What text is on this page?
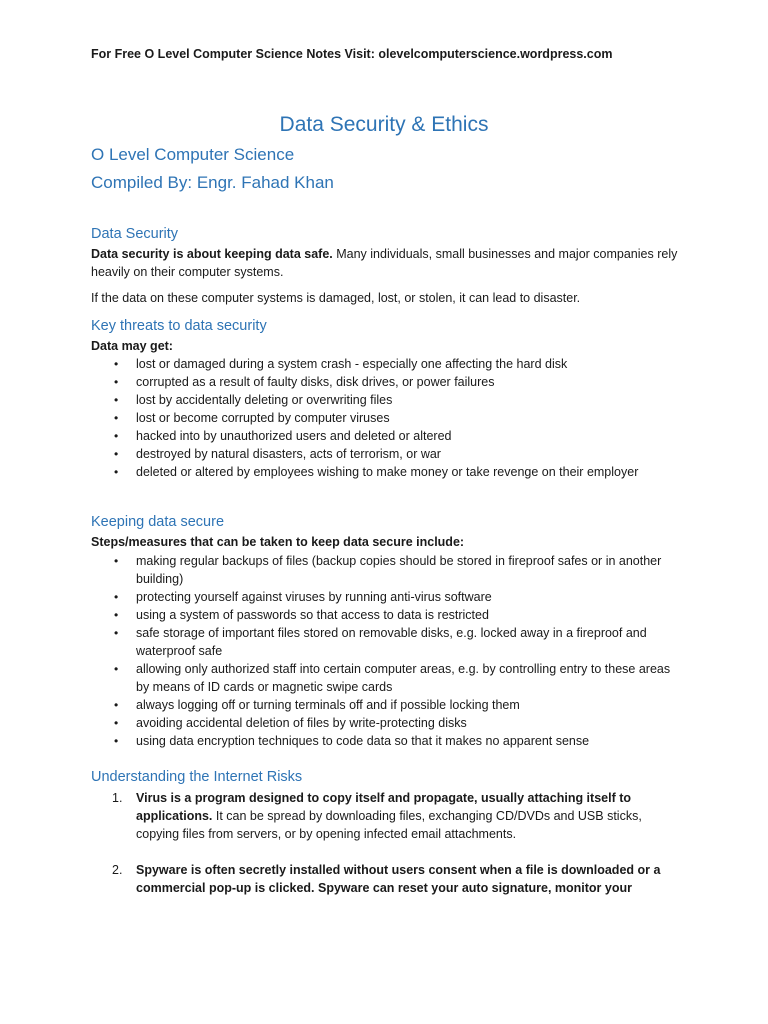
For Free O Level Computer Science Notes Visit: olevelcomputerscience.wordpress.com
Data Security & Ethics
O Level Computer Science
Compiled By: Engr. Fahad Khan
Data Security
Data security is about keeping data safe. Many individuals, small businesses and major companies rely heavily on their computer systems.
If the data on these computer systems is damaged, lost, or stolen, it can lead to disaster.
Key threats to data security
Data may get:
• lost or damaged during a system crash - especially one affecting the hard disk
• corrupted as a result of faulty disks, disk drives, or power failures
• lost by accidentally deleting or overwriting files
• lost or become corrupted by computer viruses
• hacked into by unauthorized users and deleted or altered
• destroyed by natural disasters, acts of terrorism, or war
• deleted or altered by employees wishing to make money or take revenge on their employer
Keeping data secure
Steps/measures that can be taken to keep data secure include:
• making regular backups of files (backup copies should be stored in fireproof safes or in another building)
• protecting yourself against viruses by running anti-virus software
• using a system of passwords so that access to data is restricted
• safe storage of important files stored on removable disks, e.g. locked away in a fireproof and waterproof safe
• allowing only authorized staff into certain computer areas, e.g. by controlling entry to these areas by means of ID cards or magnetic swipe cards
• always logging off or turning terminals off and if possible locking them
• avoiding accidental deletion of files by write-protecting disks
• using data encryption techniques to code data so that it makes no apparent sense
Understanding the Internet Risks
1. Virus is a program designed to copy itself and propagate, usually attaching itself to applications. It can be spread by downloading files, exchanging CD/DVDs and USB sticks, copying files from servers, or by opening infected email attachments.
2. Spyware is often secretly installed without users consent when a file is downloaded or a commercial pop-up is clicked. Spyware can reset your auto signature, monitor your
